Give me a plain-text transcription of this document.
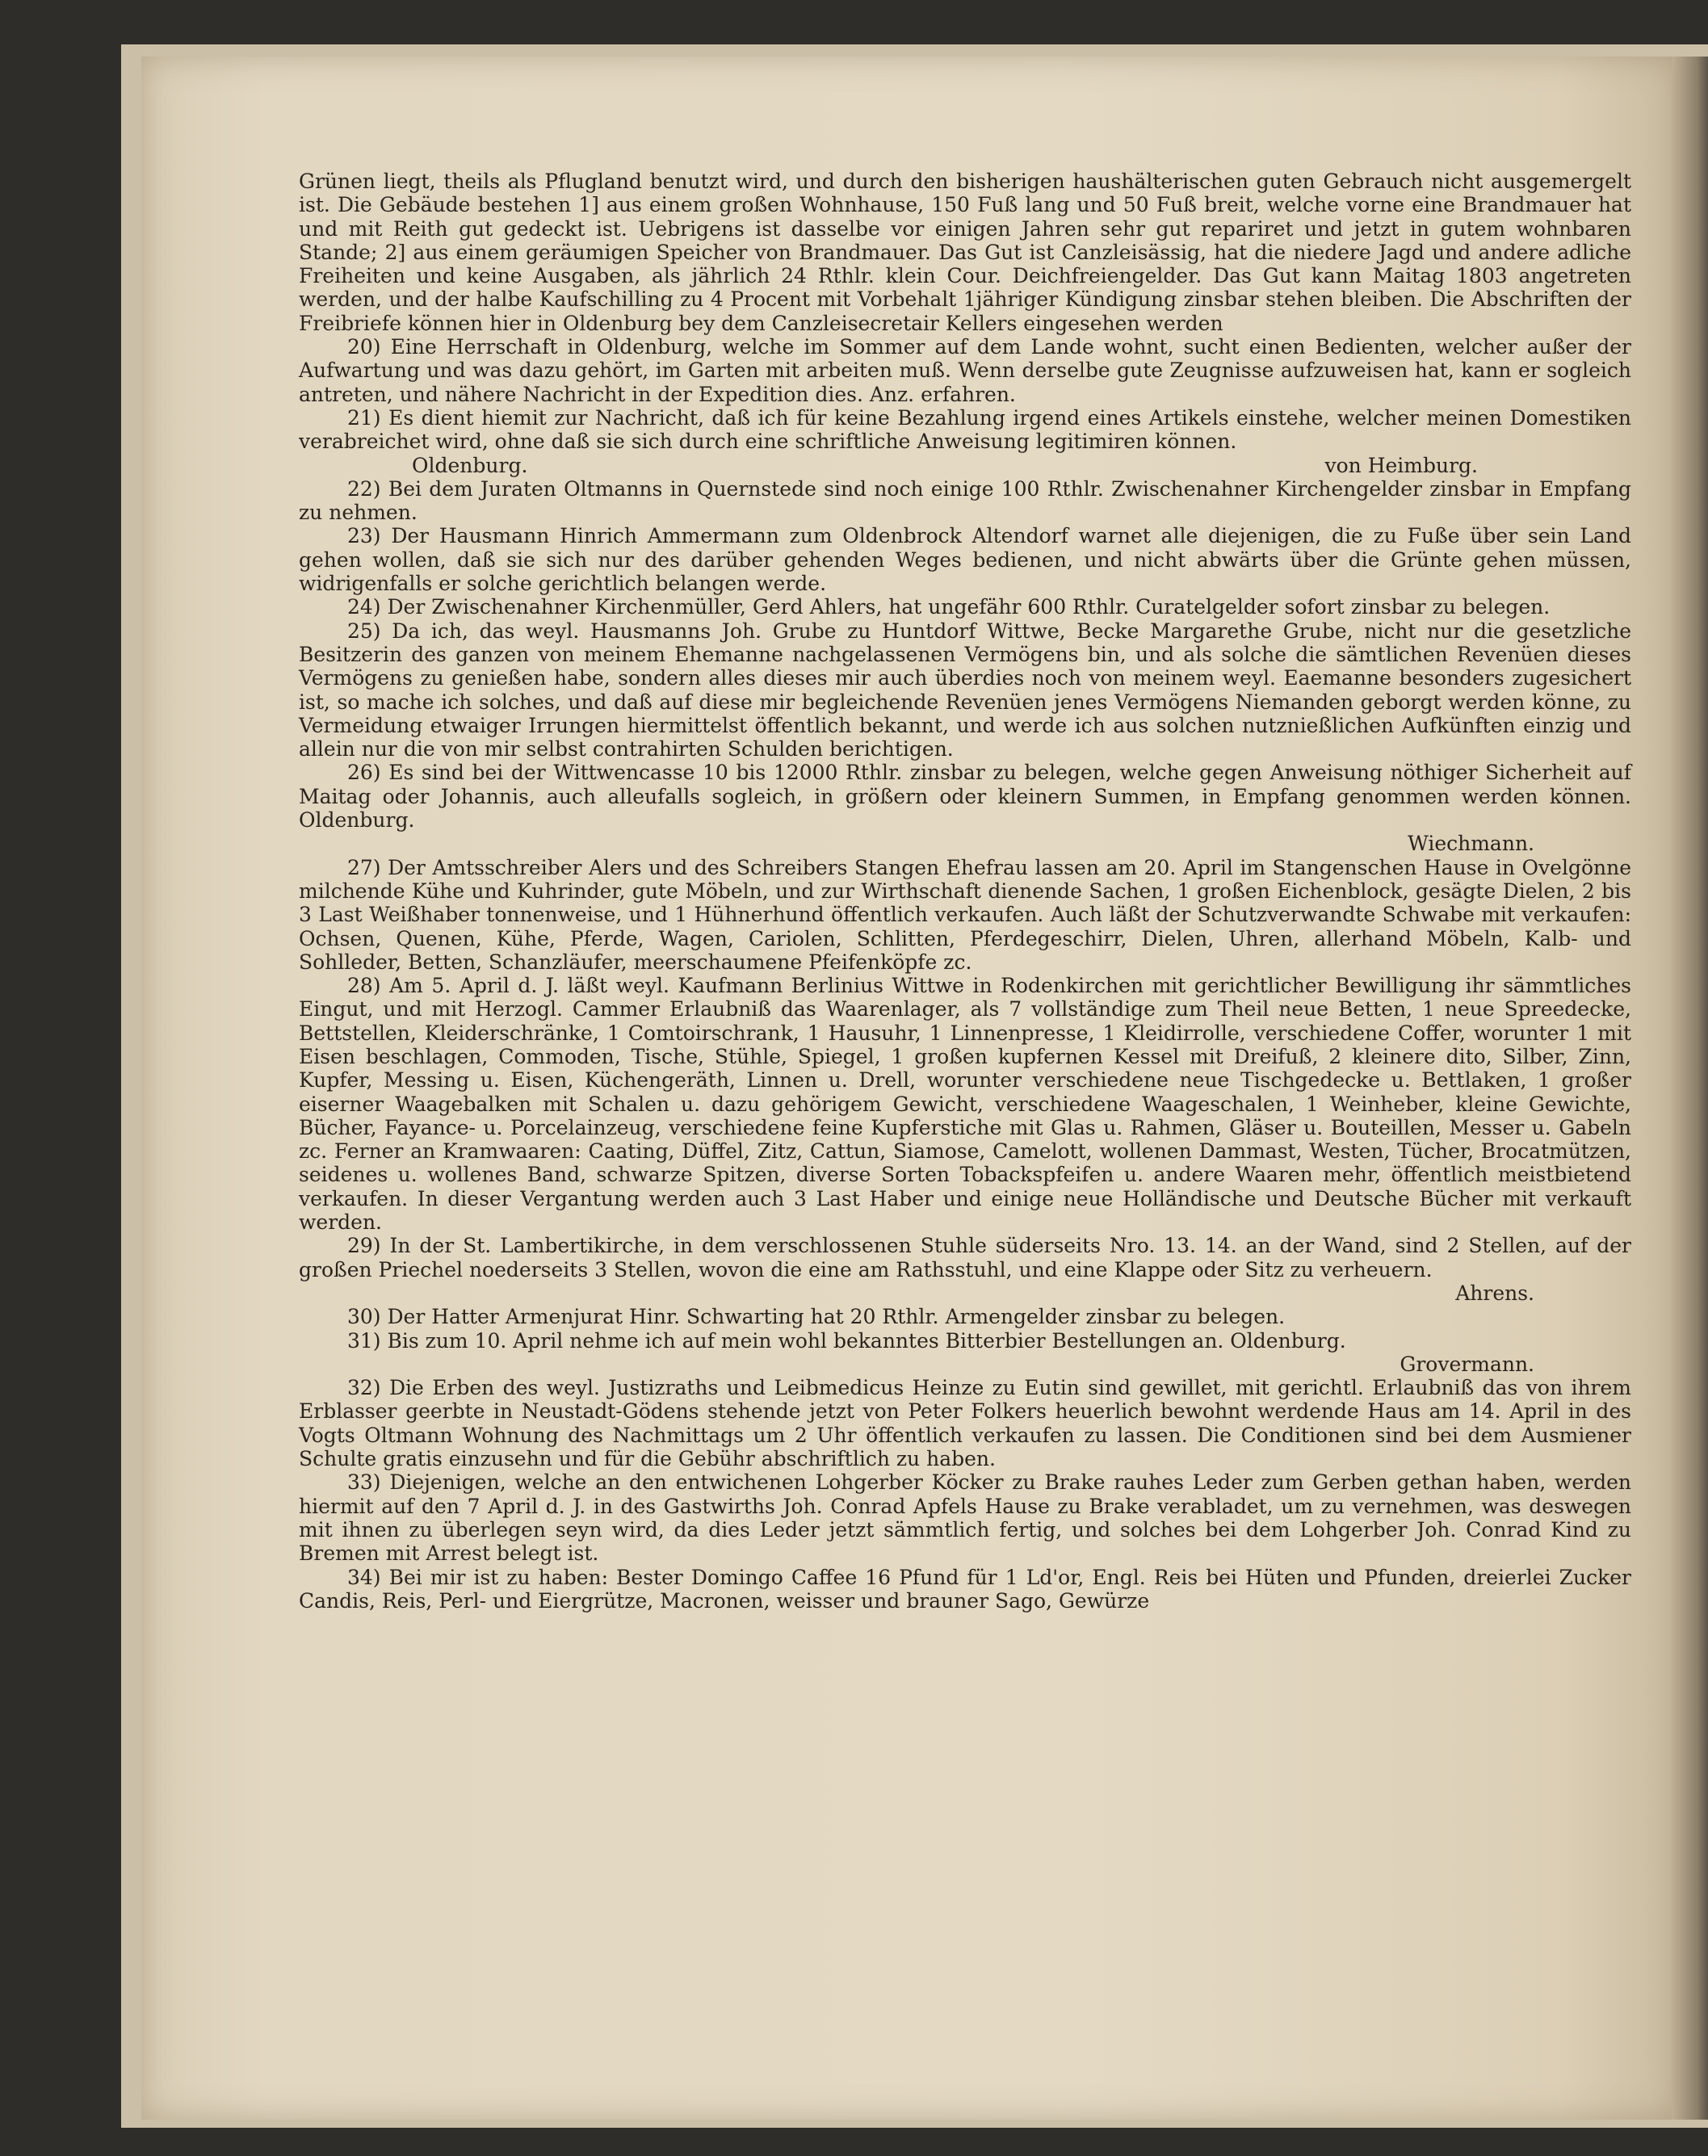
Grünen liegt, theils als Pflugland benutzt wird, und durch den bisherigen haushälterischen guten Gebrauch nicht ausgemergelt ist. Die Gebäude bestehen 1] aus einem großen Wohnhause, 150 Fuß lang und 50 Fuß breit, welche vorne eine Brandmauer hat und mit Reith gut gedeckt ist. Uebrigens ist dasselbe vor einigen Jahren sehr gut repariret und jetzt in gutem wohnbaren Stande; 2] aus einem geräumigen Speicher von Brandmauer. Das Gut ist Canzleisässig, hat die niedere Jagd und andere adliche Freiheiten und keine Ausgaben, als jährlich 24 Rthlr. klein Cour. Deichfreiengelder. Das Gut kann Maitag 1803 angetreten werden, und der halbe Kaufschilling zu 4 Procent mit Vorbehalt 1jähriger Kündigung zinsbar stehen bleiben. Die Abschriften der Freibriefe können hier in Oldenburg bey dem Canzleisecretair Kellers eingesehen werden

20) Eine Herrschaft in Oldenburg, welche im Sommer auf dem Lande wohnt, sucht einen Bedienten, welcher außer der Aufwartung und was dazu gehört, im Garten mit arbeiten muß. Wenn derselbe gute Zeugnisse aufzuweisen hat, kann er sogleich antreten, und nähere Nachricht in der Expedition dies. Anz. erfahren.

21) Es dient hiemit zur Nachricht, daß ich für keine Bezahlung irgend eines Artikels einstehe, welcher meinen Domestiken verabreichet wird, ohne daß sie sich durch eine schriftliche Anweisung legitimiren können.

Oldenburg.	von Heimburg.

22) Bei dem Juraten Oltmanns in Quernstede sind noch einige 100 Rthlr. Zwischenahner Kirchengelder zinsbar in Empfang zu nehmen.

23) Der Hausmann Hinrich Ammermann zum Oldenbrock Altendorf warnet alle diejenigen, die zu Fuße über sein Land gehen wollen, daß sie sich nur des darüber gehenden Weges bedienen, und nicht abwärts über die Grünte gehen müssen, widrigenfalls er solche gerichtlich belangen werde.

24) Der Zwischenahner Kirchenmüller, Gerd Ahlers, hat ungefähr 600 Rthlr. Curatelgelder sofort zinsbar zu belegen.

25) Da ich, das weyl. Hausmanns Joh. Grube zu Huntdorf Wittwe, Becke Margarethe Grube, nicht nur die gesetzliche Besitzerin des ganzen von meinem Ehemanne nachgelassenen Vermögens bin, und als solche die sämtlichen Revenüen dieses Vermögens zu genießen habe, sondern alles dieses mir auch überdies noch von meinem weyl. Eaemanne besonders zugesichert ist, so mache ich solches, und daß auf diese mir begleichende Revenüen jenes Vermögens Niemanden geborgt werden könne, zu Vermeidung etwaiger Irrungen hiermittelst öffentlich bekannt, und werde ich aus solchen nutznießlichen Aufkünften einzig und allein nur die von mir selbst contrahirten Schulden berichtigen.

26) Es sind bei der Wittwencasse 10 bis 12000 Rthlr. zinsbar zu belegen, welche gegen Anweisung nöthiger Sicherheit auf Maitag oder Johannis, auch alleufalls sogleich, in größern oder kleinern Summen, in Empfang genommen werden können. Oldenburg.

Wiechmann.

27) Der Amtsschreiber Alers und des Schreibers Stangen Ehefrau lassen am 20. April im Stangenschen Hause in Ovelgönne milchende Kühe und Kuhrinder, gute Möbeln, und zur Wirthschaft dienende Sachen, 1 großen Eichenblock, gesägte Dielen, 2 bis 3 Last Weißhaber tonnenweise, und 1 Hühnerhund öffentlich verkaufen. Auch läßt der Schutzverwandte Schwabe mit verkaufen: Ochsen, Quenen, Kühe, Pferde, Wagen, Cariolen, Schlitten, Pferdegeschirr, Dielen, Uhren, allerhand Möbeln, Kalb- und Sohlleder, Betten, Schanzläufer, meerschaumene Pfeifenköpfe zc.

28) Am 5. April d. J. läßt weyl. Kaufmann Berlinius Wittwe in Rodenkirchen mit gerichtlicher Bewilligung ihr sämmtliches Eingut, und mit Herzogl. Cammer Erlaubniß das Waarenlager, als 7 vollständige zum Theil neue Betten, 1 neue Spreedecke, Bettstellen, Kleiderschränke, 1 Comtoirschrank, 1 Hausuhr, 1 Linnenpresse, 1 Kleidirrolle, verschiedene Coffer, worunter 1 mit Eisen beschlagen, Commoden, Tische, Stühle, Spiegel, 1 großen kupfernen Kessel mit Dreifuß, 2 kleinere dito, Silber, Zinn, Kupfer, Messing u. Eisen, Küchengeräth, Linnen u. Drell, worunter verschiedene neue Tischgedecke u. Bettlaken, 1 großer eiserner Waagebalken mit Schalen u. dazu gehörigem Gewicht, verschiedene Waageschalen, 1 Weinheber, kleine Gewichte, Bücher, Fayance- u. Porcelainzeug, verschiedene feine Kupferstiche mit Glas u. Rahmen, Gläser u. Bouteillen, Messer u. Gabeln zc. Ferner an Kramwaaren: Caating, Düffel, Zitz, Cattun, Siamose, Camelott, wollenen Dammast, Westen, Tücher, Brocatmützen, seidenes u. wollenes Band, schwarze Spitzen, diverse Sorten Tobackspfeifen u. andere Waaren mehr, öffentlich meistbietend verkaufen. In dieser Vergantung werden auch 3 Last Haber und einige neue Holländische und Deutsche Bücher mit verkauft werden.

29) In der St. Lambertikirche, in dem verschlossenen Stuhle süderseits Nro. 13. 14. an der Wand, sind 2 Stellen, auf der großen Priechel noederseits 3 Stellen, wovon die eine am Rathsstuhl, und eine Klappe oder Sitz zu verheuern.

Ahrens.

30) Der Hatter Armenjurat Hinr. Schwarting hat 20 Rthlr. Armengelder zinsbar zu belegen.

31) Bis zum 10. April nehme ich auf mein wohl bekanntes Bitterbier Bestellungen an. Oldenburg.

Grovermann.

32) Die Erben des weyl. Justizraths und Leibmedicus Heinze zu Eutin sind gewillet, mit gerichtl. Erlaubniß das von ihrem Erblasser geerbte in Neustadt-Gödens stehende jetzt von Peter Folkers heuerlich bewohnt werdende Haus am 14. April in des Vogts Oltmann Wohnung des Nachmittags um 2 Uhr öffentlich verkaufen zu lassen. Die Conditionen sind bei dem Ausmiener Schulte gratis einzusehn und für die Gebühr abschriftlich zu haben.

33) Diejenigen, welche an den entwichenen Lohgerber Köcker zu Brake rauhes Leder zum Gerben gethan haben, werden hiermit auf den 7 April d. J. in des Gastwirths Joh. Conrad Apfels Hause zu Brake verabladet, um zu vernehmen, was deswegen mit ihnen zu überlegen seyn wird, da dies Leder jetzt sämmtlich fertig, und solches bei dem Lohgerber Joh. Conrad Kind zu Bremen mit Arrest belegt ist.

34) Bei mir ist zu haben: Bester Domingo Caffee 16 Pfund für 1 Ld'or, Engl. Reis bei Hüten und Pfunden, dreierlei Zucker Candis, Reis, Perl- und Eiergrütze, Macronen, weisser und brauner Sago, Gewürze
